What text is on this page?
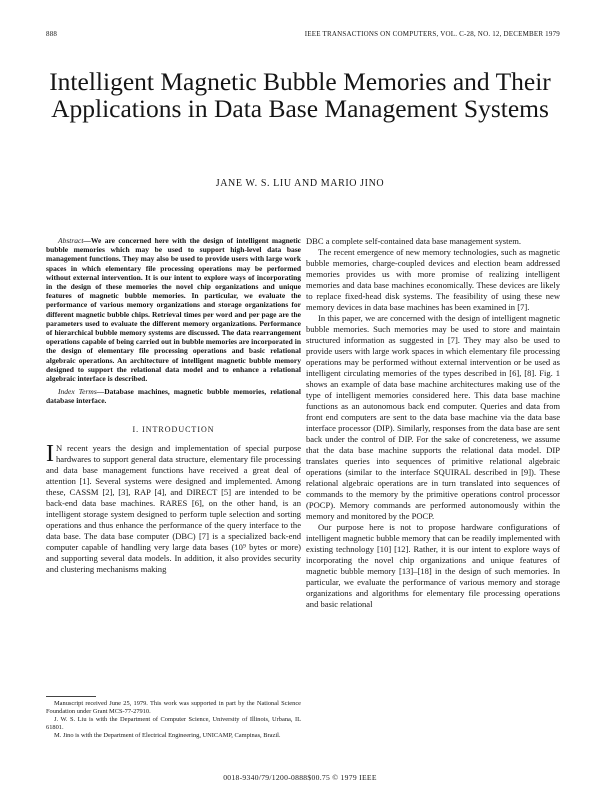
888	IEEE TRANSACTIONS ON COMPUTERS, VOL. C-28, NO. 12, DECEMBER 1979
Intelligent Magnetic Bubble Memories and Their Applications in Data Base Management Systems
JANE W. S. LIU AND MARIO JINO

Abstract—We are concerned here with the design of intelligent magnetic bubble memories which may be used to support high-level data base management functions. They may also be used to provide users with large work spaces in which elementary file processing operations may be performed without external intervention. It is our intent to explore ways of incorporating in the design of these memories the novel chip organizations and unique features of magnetic bubble memories. In particular, we evaluate the performance of various memory organizations and storage organizations for different magnetic bubble chips. Retrieval times per word and per page are the parameters used to evaluate the different memory organizations. Performance of hierarchical bubble memory systems are discussed. The data rearrangement operations capable of being carried out in bubble memories are incorporated in the design of elementary file processing operations and basic relational algebraic operations. An architecture of intelligent magnetic bubble memory designed to support the relational data model and to enhance a relational algebraic interface is described.

Index Terms—Database machines, magnetic bubble memories, relational database interface.

I. INTRODUCTION

I N recent years the design and implementation of special purpose hardwares to support general data structure, elementary file processing and data base management functions have received a great deal of attention [1]. Several systems were designed and implemented. Among these, CASSM [2], [3], RAP [4], and DIRECT [5] are intended to be back-end data base machines. RARES [6], on the other hand, is an intelligent storage system designed to perform tuple selection and sorting operations and thus enhance the performance of the query interface to the data base. The data base computer (DBC) [7] is a specialized back-end computer capable of handling very large data bases (10⁹ bytes or more) and supporting several data models. In addition, it also provides security and clustering mechanisms making

Manuscript received June 25, 1979. This work was supported in part by the National Science Foundation under Grant MCS-77-27910.

J. W. S. Liu is with the Department of Computer Science, University of Illinois, Urbana, IL 61801.

M. Jino is with the Department of Electrical Engineering, UNICAMP, Campinas, Brazil.

DBC a complete self-contained data base management system.

The recent emergence of new memory technologies, such as magnetic bubble memories, charge-coupled devices and election beam addressed memories provides us with more promise of realizing intelligent memories and data base machines economically. These devices are likely to replace fixed-head disk systems. The feasibility of using these new memory devices in data base machines has been examined in [7].

In this paper, we are concerned with the design of intelligent magnetic bubble memories. Such memories may be used to store and maintain structured information as suggested in [7]. They may also be used to provide users with large work spaces in which elementary file processing operations may be performed without external intervention or be used as intelligent circulating memories of the types described in [6], [8]. Fig. 1 shows an example of data base machine architectures making use of the type of intelligent memories considered here. This data base machine functions as an autonomous back end computer. Queries and data from front end computers are sent to the data base machine via the data base interface processor (DIP). Similarly, responses from the data base are sent back under the control of DIP. For the sake of concreteness, we assume that the data base machine supports the relational data model. DIP translates queries into sequences of primitive relational algebraic operations (similar to the interface SQUIRAL described in [9]). These relational algebraic operations are in turn translated into sequences of commands to the memory by the primitive operations control processor (POCP). Memory commands are performed autonomously within the memory and monitored by the POCP.

Our purpose here is not to propose hardware configurations of intelligent magnetic bubble memory that can be readily implemented with existing technology [10] [12]. Rather, it is our intent to explore ways of incorporating the novel chip organizations and unique features of magnetic bubble memory [13]–[18] in the design of such memories. In particular, we evaluate the performance of various memory and storage organizations and algorithms for elementary file processing operations and basic relational

0018-9340/79/1200-0888$00.75 © 1979 IEEE
